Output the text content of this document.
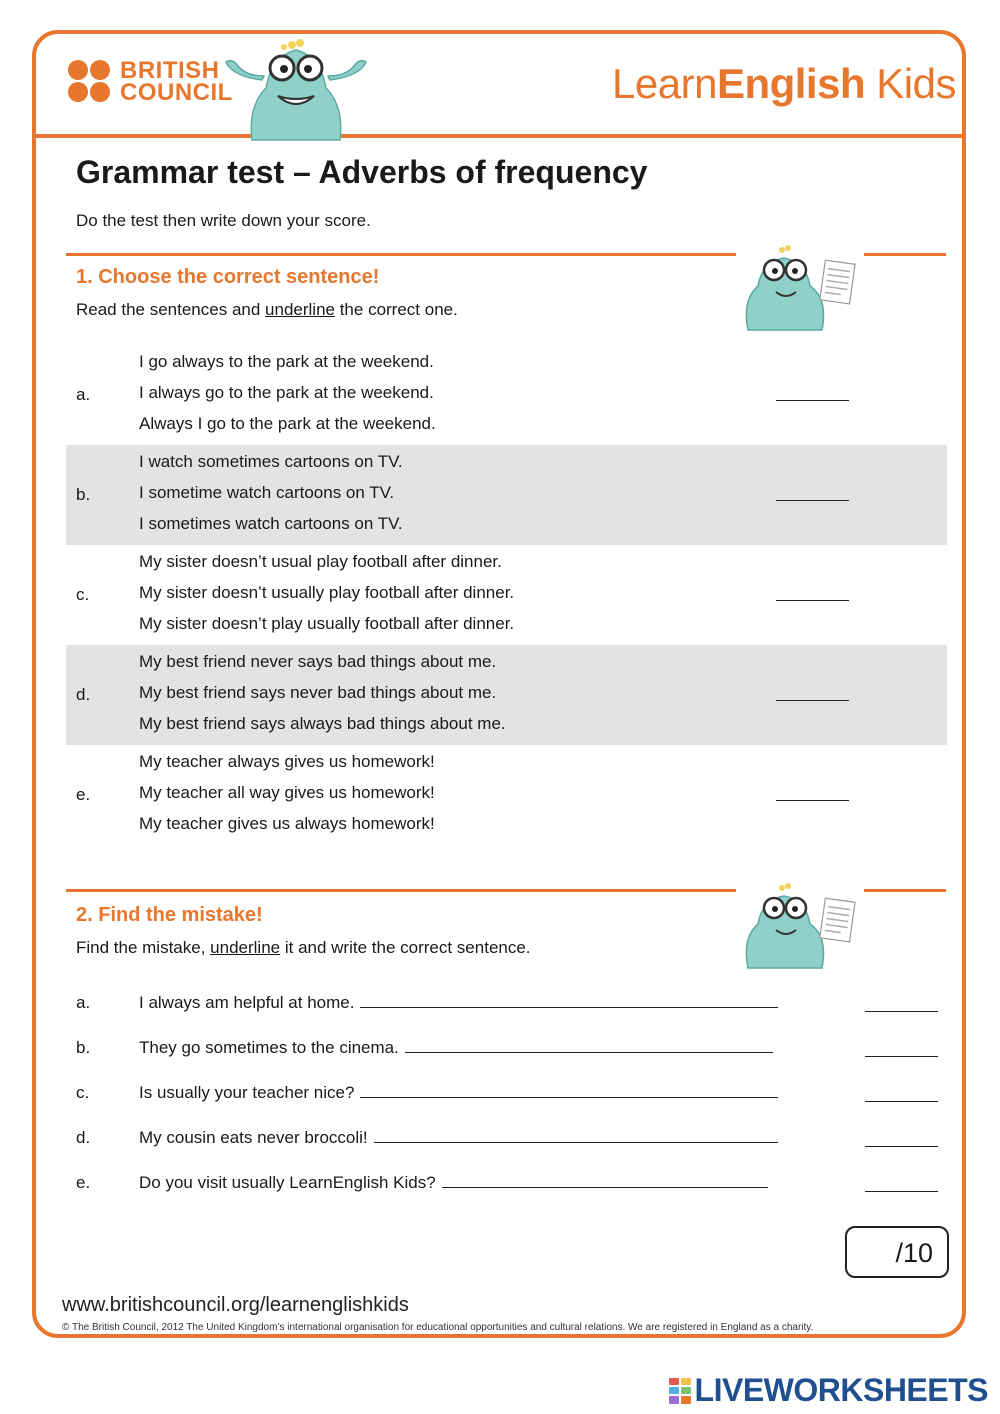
BRITISH
COUNCIL	LearnEnglish Kids
Grammar test – Adverbs of frequency
Do the test then write down your score.
1. Choose the correct sentence!
Read the sentences and underline the correct one.
a.
I go always to the park at the weekend.
I always go to the park at the weekend.
Always I go to the park at the weekend.
b.
I watch sometimes cartoons on TV.
I sometime watch cartoons on TV.
I sometimes watch cartoons on TV.
c.
My sister doesn’t usual play football after dinner.
My sister doesn’t usually play football after dinner.
My sister doesn’t play usually football after dinner.
d.
My best friend never says bad things about me.
My best friend says never bad things about me.
My best friend says always bad things about me.
e.
My teacher always gives us homework!
My teacher all way gives us homework!
My teacher gives us always homework!
2. Find the mistake!
Find the mistake, underline it and write the correct sentence.
a.	I always am helpful at home.
b.	They go sometimes to the cinema.
c.	Is usually your teacher nice?
d.	My cousin eats never broccoli!
e.	Do you visit usually LearnEnglish Kids?
/10
www.britishcouncil.org/learnenglishkids
© The British Council, 2012 The United Kingdom’s international organisation for educational opportunities and cultural relations. We are registered in England as a charity.
LIVEWORKSHEETS
